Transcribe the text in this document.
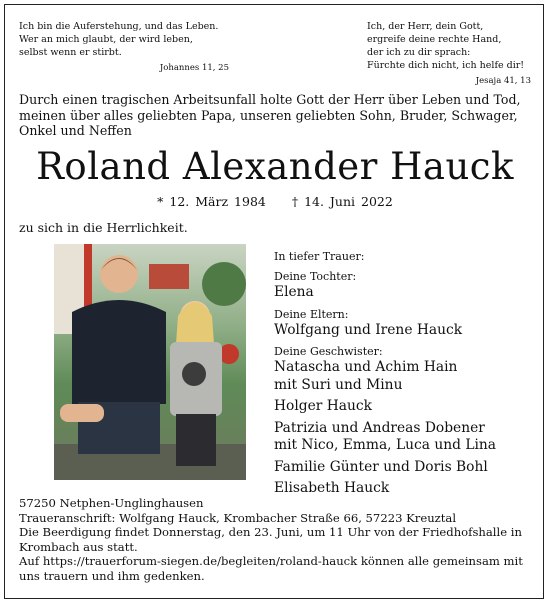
Ich bin die Auferstehung, und das Leben.
Wer an mich glaubt, der wird leben,
selbst wenn er stirbt.
Johannes 11, 25
Ich, der Herr, dein Gott,
ergreife deine rechte Hand,
der ich zu dir sprach:
Fürchte dich nicht, ich helfe dir!
Jesaja 41, 13
Durch einen tragischen Arbeitsunfall holte Gott der Herr über Leben und Tod, meinen über alles geliebten Papa, unseren geliebten Sohn, Bruder, Schwager, Onkel und Neffen
Roland Alexander Hauck
* 12. März 1984 † 14. Juni 2022
zu sich in die Herrlichkeit.
In tiefer Trauer:
Deine Tochter:
Elena
Deine Eltern:
Wolfgang und Irene Hauck
Deine Geschwister:
Natascha und Achim Hain
mit Suri und Minu
Holger Hauck
Patrizia und Andreas Dobener
mit Nico, Emma, Luca und Lina
Familie Günter und Doris Bohl
Elisabeth Hauck
57250 Netphen-Unglinghausen
Traueranschrift: Wolfgang Hauck, Krombacher Straße 66, 57223 Kreuztal
Die Beerdigung findet Donnerstag, den 23. Juni, um 11 Uhr von der Friedhofshalle in Krombach aus statt.
Auf https://trauerforum-siegen.de/begleiten/roland-hauck können alle gemeinsam mit uns trauern und ihm gedenken.
